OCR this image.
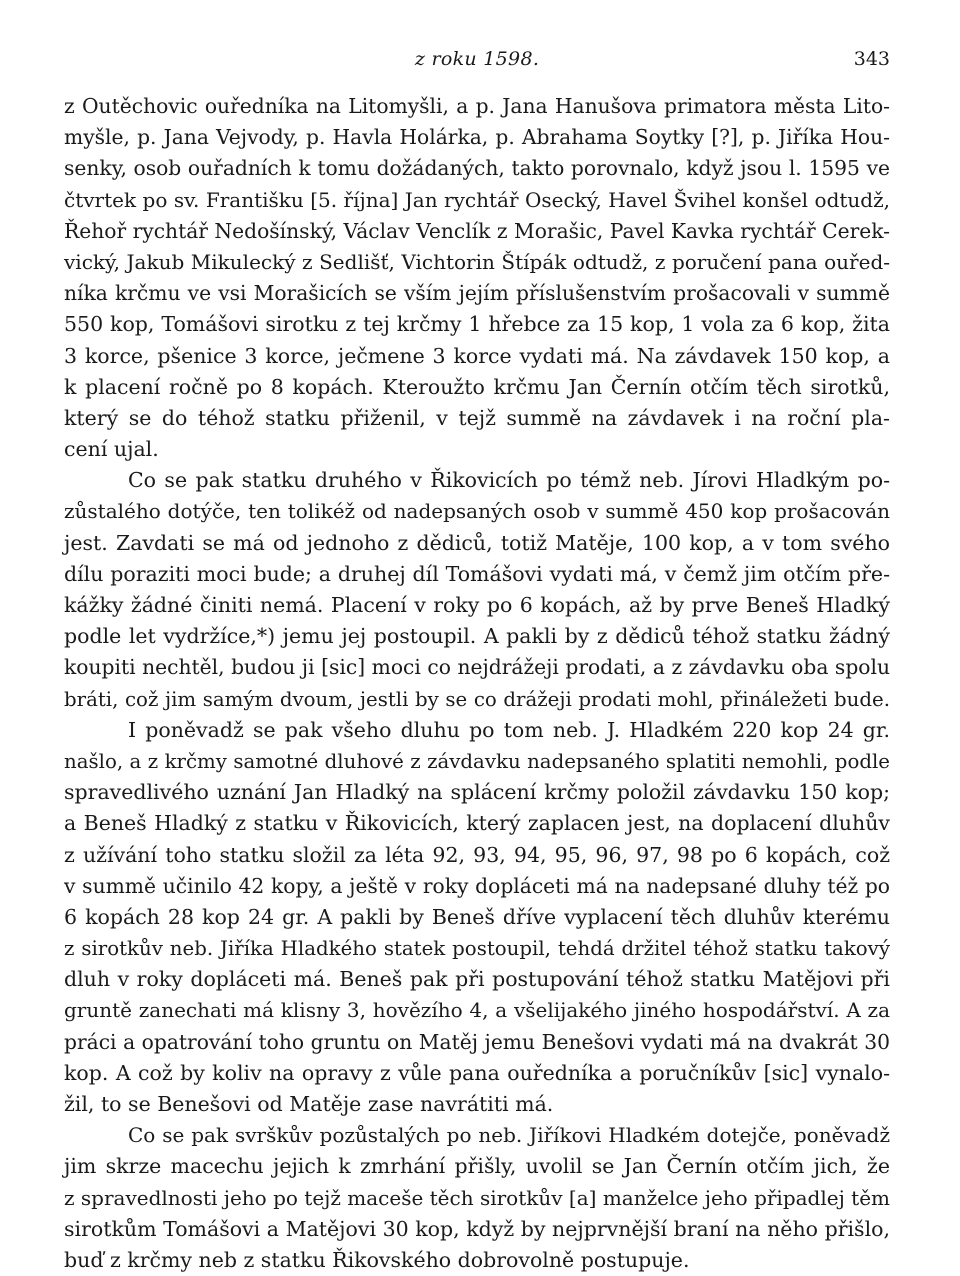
z roku 1598.	343
z Outěchovic ouředníka na Litomyšli, a p. Jana Hanušova primatora města Lito-
myšle, p. Jana Vejvody, p. Havla Holárka, p. Abrahama Soytky [?], p. Jiříka Hou-
senky, osob ouřadních k tomu dožádaných, takto porovnalo, když jsou l. 1595 ve
čtvrtek po sv. Františku [5. října] Jan rychtář Osecký, Havel Švihel konšel odtudž,
Řehoř rychtář Nedošínský, Václav Venclík z Morašic, Pavel Kavka rychtář Cerek-
vický, Jakub Mikulecký z Sedlišť, Vichtorin Štípák odtudž, z poručení pana ouřed-
níka krčmu ve vsi Morašicích se vším jejím příslušenstvím prošacovali v summě
550 kop, Tomášovi sirotku z tej krčmy 1 hřebce za 15 kop, 1 vola za 6 kop, žita
3 korce, pšenice 3 korce, ječmene 3 korce vydati má. Na závdavek 150 kop, a
k placení ročně po 8 kopách. Kteroužto krčmu Jan Černín otčím těch sirotků,
který se do téhož statku přiženil, v tejž summě na závdavek i na roční pla-
cení ujal.
Co se pak statku druhého v Řikovicích po témž neb. Jírovi Hladkým po-
zůstalého dotýče, ten tolikéž od nadepsaných osob v summě 450 kop prošacován
jest. Zavdati se má od jednoho z dědiců, totiž Matěje, 100 kop, a v tom svého
dílu poraziti moci bude; a druhej díl Tomášovi vydati má, v čemž jim otčím pře-
kážky žádné činiti nemá. Placení v roky po 6 kopách, až by prve Beneš Hladký
podle let vydržíce,*) jemu jej postoupil. A pakli by z dědiců téhož statku žádný
koupiti nechtěl, budou ji [sic] moci co nejdrážeji prodati, a z závdavku oba spolu
bráti, což jim samým dvoum, jestli by se co drážeji prodati mohl, přináležeti bude.
I poněvadž se pak všeho dluhu po tom neb. J. Hladkém 220 kop 24 gr.
našlo, a z krčmy samotné dluhové z závdavku nadepsaného splatiti nemohli, podle
spravedlivého uznání Jan Hladký na splácení krčmy položil závdavku 150 kop;
a Beneš Hladký z statku v Řikovicích, který zaplacen jest, na doplacení dluhův
z užívání toho statku složil za léta 92, 93, 94, 95, 96, 97, 98 po 6 kopách, což
v summě učinilo 42 kopy, a ještě v roky dopláceti má na nadepsané dluhy též po
6 kopách 28 kop 24 gr. A pakli by Beneš dříve vyplacení těch dluhův kterému
z sirotkův neb. Jiříka Hladkého statek postoupil, tehdá držitel téhož statku takový
dluh v roky dopláceti má. Beneš pak při postupování téhož statku Matějovi při
gruntě zanechati má klisny 3, hovězího 4, a všelijakého jiného hospodářství. A za
práci a opatrování toho gruntu on Matěj jemu Benešovi vydati má na dvakrát 30
kop. A což by koliv na opravy z vůle pana ouředníka a poručníkův [sic] vynalo-
žil, to se Benešovi od Matěje zase navrátiti má.
Co se pak svrškův pozůstalých po neb. Jiříkovi Hladkém dotejče, poněvadž
jim skrze macechu jejich k zmrhání přišly, uvolil se Jan Černín otčím jich, že
z spravedlnosti jeho po tejž maceše těch sirotkův [a] manželce jeho připadlej těm
sirotkům Tomášovi a Matějovi 30 kop, když by nejprvnější braní na něho přišlo,
buď z krčmy neb z statku Řikovského dobrovolně postupuje.
